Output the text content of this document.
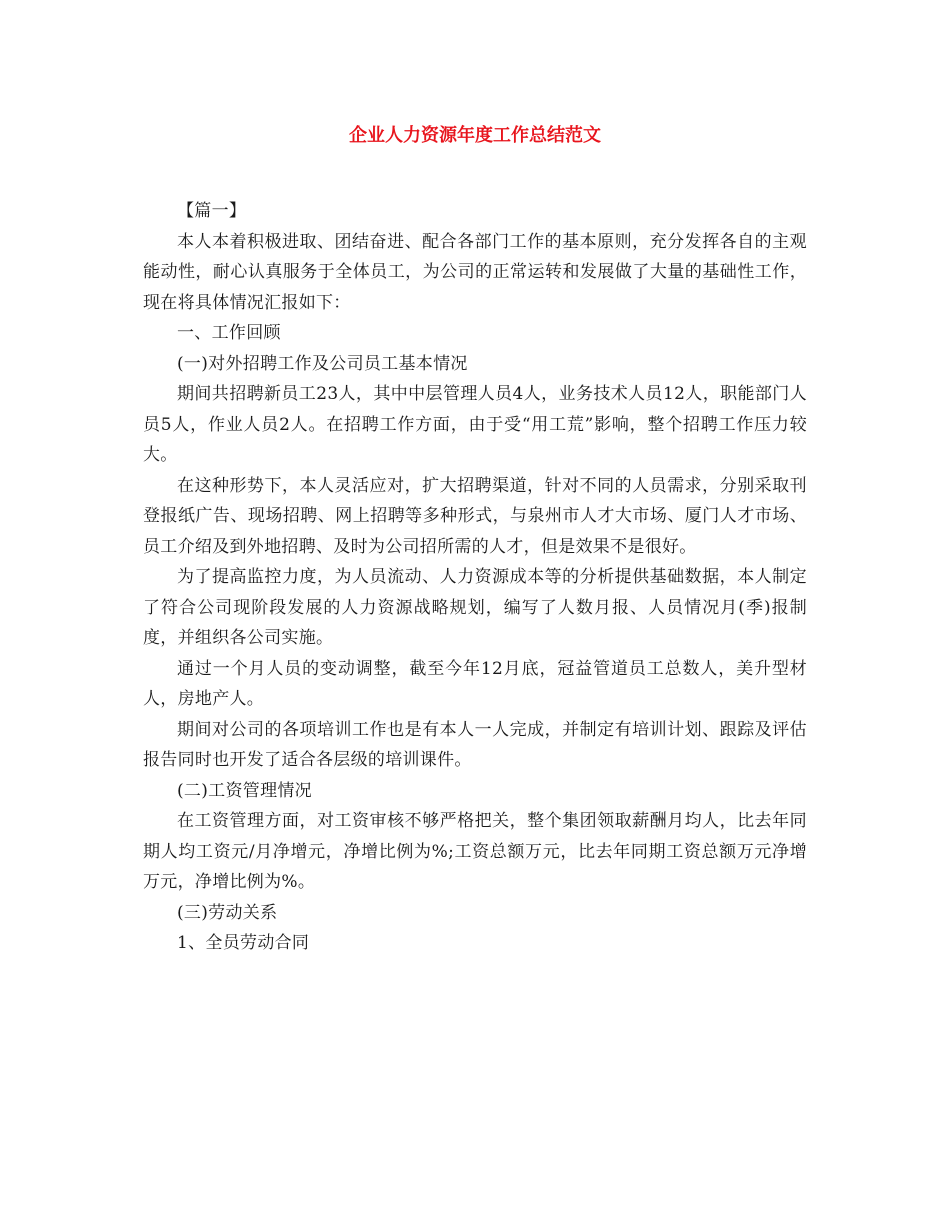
企业人力资源年度工作总结范文

【篇一】

本人本着积极进取、团结奋进、配合各部门工作的基本原则，充分发挥各自的主观能动性，耐心认真服务于全体员工，为公司的正常运转和发展做了大量的基础性工作，现在将具体情况汇报如下：

一、工作回顾

(一)对外招聘工作及公司员工基本情况

期间共招聘新员工23人，其中中层管理人员4人，业务技术人员12人，职能部门人员5人，作业人员2人。在招聘工作方面，由于受“用工荒”影响，整个招聘工作压力较大。

在这种形势下，本人灵活应对，扩大招聘渠道，针对不同的人员需求，分别采取刊登报纸广告、现场招聘、网上招聘等多种形式，与泉州市人才大市场、厦门人才市场、员工介绍及到外地招聘、及时为公司招所需的人才，但是效果不是很好。

为了提高监控力度，为人员流动、人力资源成本等的分析提供基础数据，本人制定了符合公司现阶段发展的人力资源战略规划，编写了人数月报、人员情况月(季)报制度，并组织各公司实施。

通过一个月人员的变动调整，截至今年12月底，冠益管道员工总数人，美升型材人，房地产人。

期间对公司的各项培训工作也是有本人一人完成，并制定有培训计划、跟踪及评估报告同时也开发了适合各层级的培训课件。

(二)工资管理情况

在工资管理方面，对工资审核不够严格把关，整个集团领取薪酬月均人，比去年同期人均工资元/月净增元，净增比例为%;工资总额万元，比去年同期工资总额万元净增万元，净增比例为%。

(三)劳动关系

1、全员劳动合同
